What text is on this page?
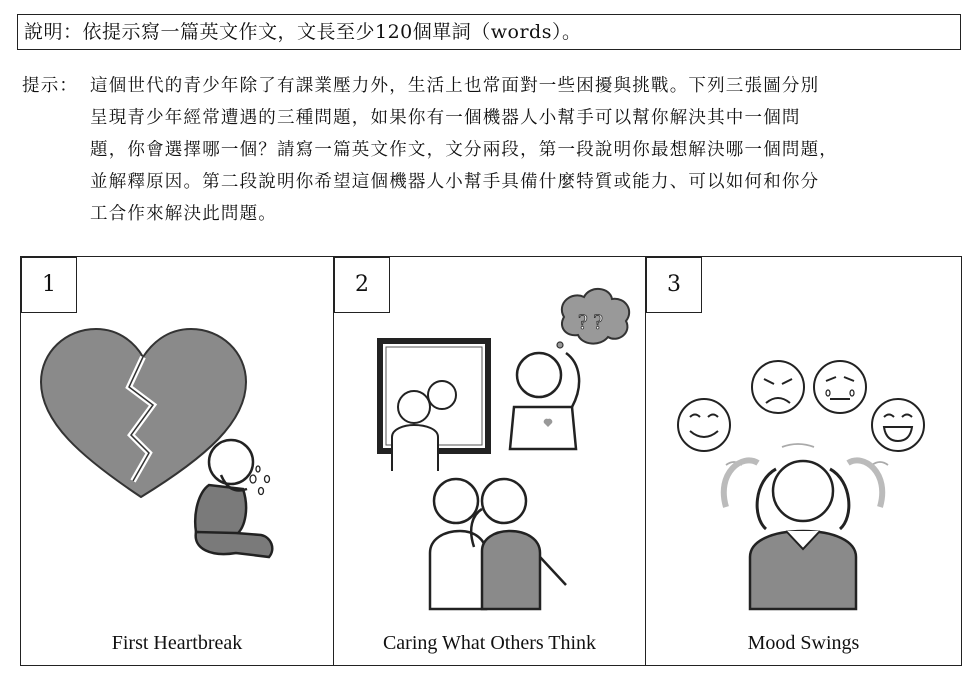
說明：依提示寫一篇英文作文，文長至少120個單詞（words）。
提示： 這個世代的青少年除了有課業壓力外，生活上也常面對一些困擾與挑戰。下列三張圖分別
呈現青少年經常遭遇的三種問題，如果你有一個機器人小幫手可以幫你解決其中一個問
題，你會選擇哪一個？請寫一篇英文作文，文分兩段，第一段說明你最想解決哪一個問題，
並解釋原因。第二段說明你希望這個機器人小幫手具備什麼特質或能力、可以如何和你分
工合作來解決此問題。
1
First Heartbreak
2
? ?
Caring What Others Think
3
Mood Swings
